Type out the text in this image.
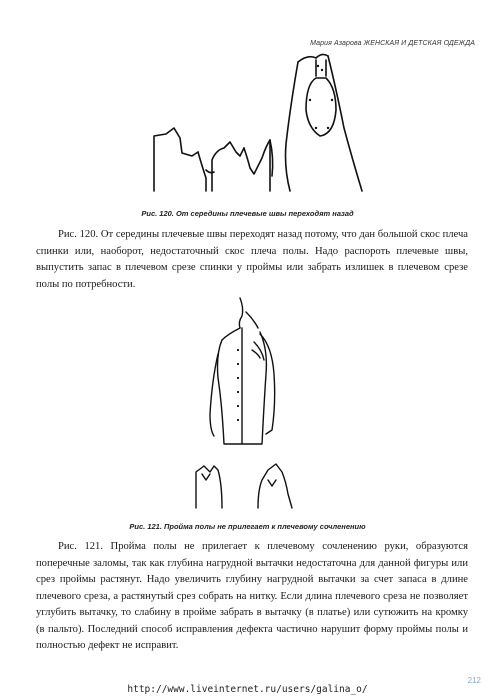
Мария Азарова ЖЕНСКАЯ И ДЕТСКАЯ ОДЕЖДА
Рис. 120. От середины плечевые швы переходят назад

Рис. 120. От середины плечевые швы переходят назад потому, что дан большой скос плеча спинки или, наоборот, недостаточный скос плеча полы. Надо распороть плечевые швы, выпустить запас в плечевом срезе спинки у проймы или забрать излишек в плечевом срезе полы по потребности.

Рис. 121. Пройма полы не прилегает к плечевому сочленению

Рис. 121. Пройма полы не прилегает к плечевому сочленению руки, образуются поперечные заломы, так как глубина нагрудной вытачки недостаточна для данной фигуры или срез проймы растянут. Надо увеличить глубину нагрудной вытачки за счет запаса в длине плечевого среза, а растянутый срез собрать на нитку. Если длина плечевого среза не позволяет углубить вытачку, то слабину в пройме забрать в вытачку (в платье) или сутюжить на кромку (в пальто). Последний способ исправления дефекта частично нарушит форму проймы полы и полностью дефект не исправит.

212
http://www.liveinternet.ru/users/galina_o/
